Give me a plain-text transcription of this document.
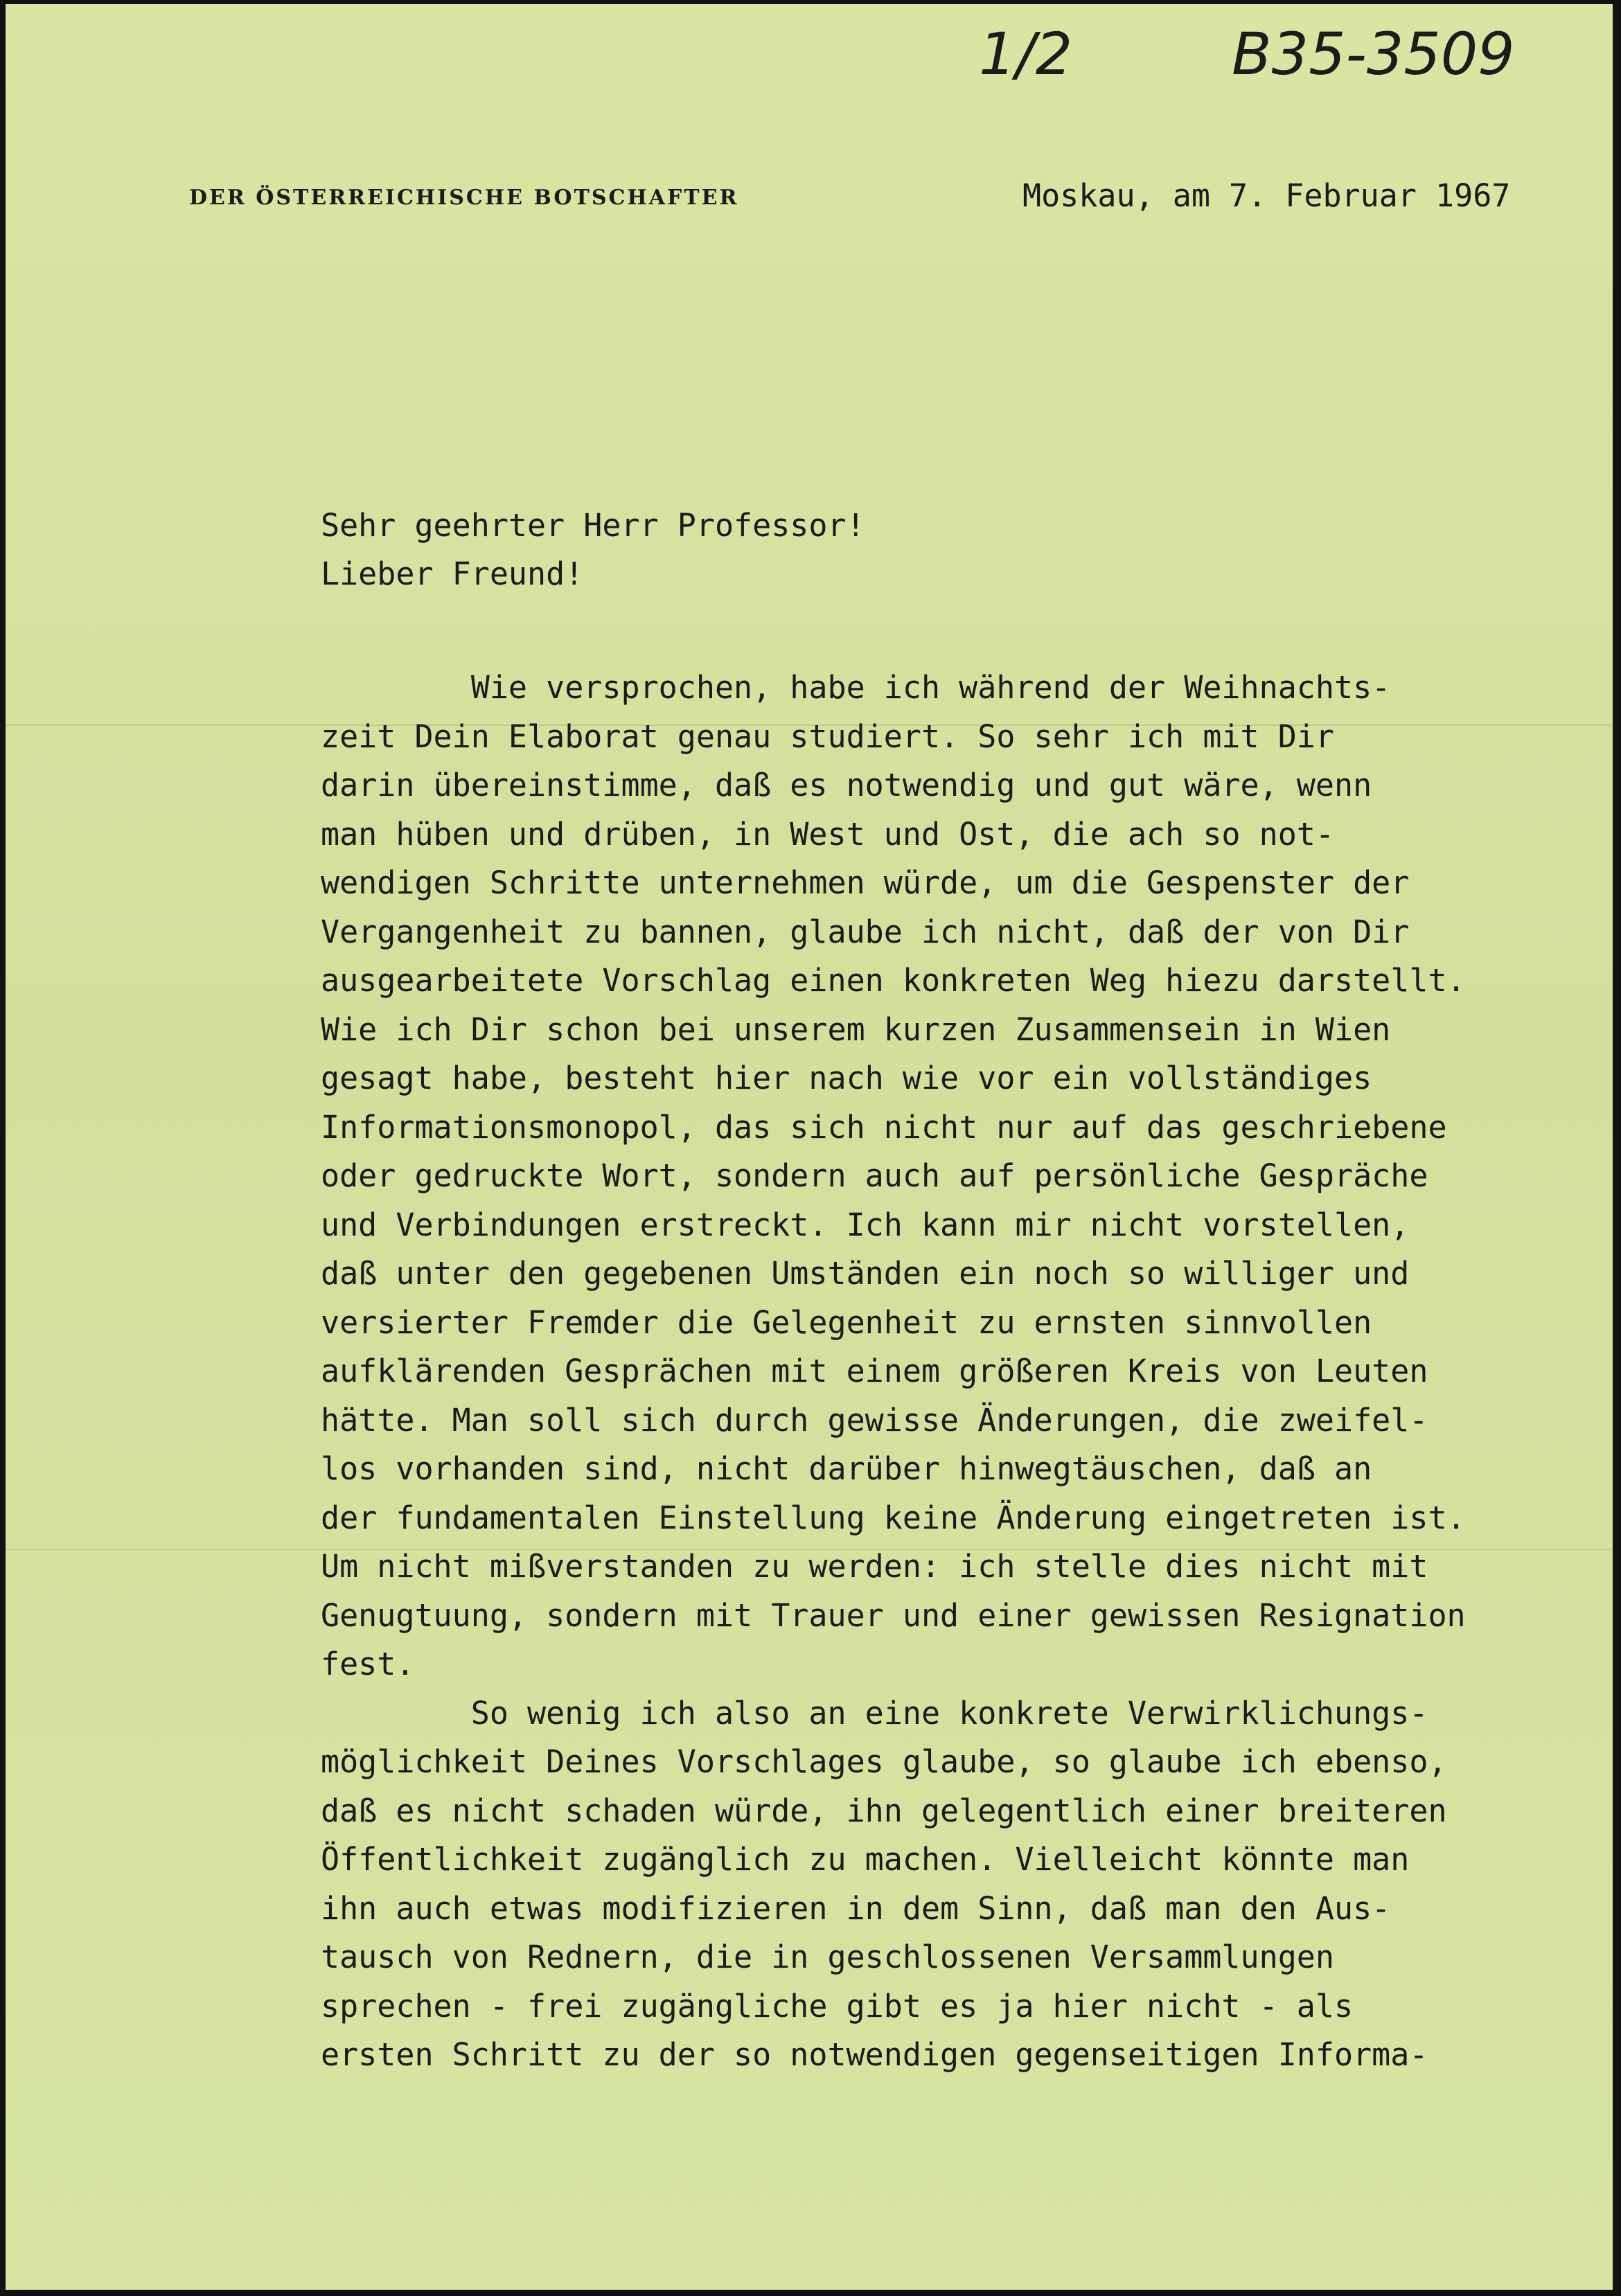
1/2	B35-3509
DER ÖSTERREICHISCHE BOTSCHAFTER	Moskau, am 7. Februar 1967
Sehr geehrter Herr Professor!
Lieber Freund!
Wie versprochen, habe ich während der Weihnachts-
zeit Dein Elaborat genau studiert. So sehr ich mit Dir
darin übereinstimme, daß es notwendig und gut wäre, wenn
man hüben und drüben, in West und Ost, die ach so not-
wendigen Schritte unternehmen würde, um die Gespenster der
Vergangenheit zu bannen, glaube ich nicht, daß der von Dir
ausgearbeitete Vorschlag einen konkreten Weg hiezu darstellt.
Wie ich Dir schon bei unserem kurzen Zusammensein in Wien
gesagt habe, besteht hier nach wie vor ein vollständiges
Informationsmonopol, das sich nicht nur auf das geschriebene
oder gedruckte Wort, sondern auch auf persönliche Gespräche
und Verbindungen erstreckt. Ich kann mir nicht vorstellen,
daß unter den gegebenen Umständen ein noch so williger und
versierter Fremder die Gelegenheit zu ernsten sinnvollen
aufklärenden Gesprächen mit einem größeren Kreis von Leuten
hätte. Man soll sich durch gewisse Änderungen, die zweifel-
los vorhanden sind, nicht darüber hinwegtäuschen, daß an
der fundamentalen Einstellung keine Änderung eingetreten ist.
Um nicht mißverstanden zu werden: ich stelle dies nicht mit
Genugtuung, sondern mit Trauer und einer gewissen Resignation
fest.
So wenig ich also an eine konkrete Verwirklichungs-
möglichkeit Deines Vorschlages glaube, so glaube ich ebenso,
daß es nicht schaden würde, ihn gelegentlich einer breiteren
Öffentlichkeit zugänglich zu machen. Vielleicht könnte man
ihn auch etwas modifizieren in dem Sinn, daß man den Aus-
tausch von Rednern, die in geschlossenen Versammlungen
sprechen - frei zugängliche gibt es ja hier nicht - als
ersten Schritt zu der so notwendigen gegenseitigen Informa-
